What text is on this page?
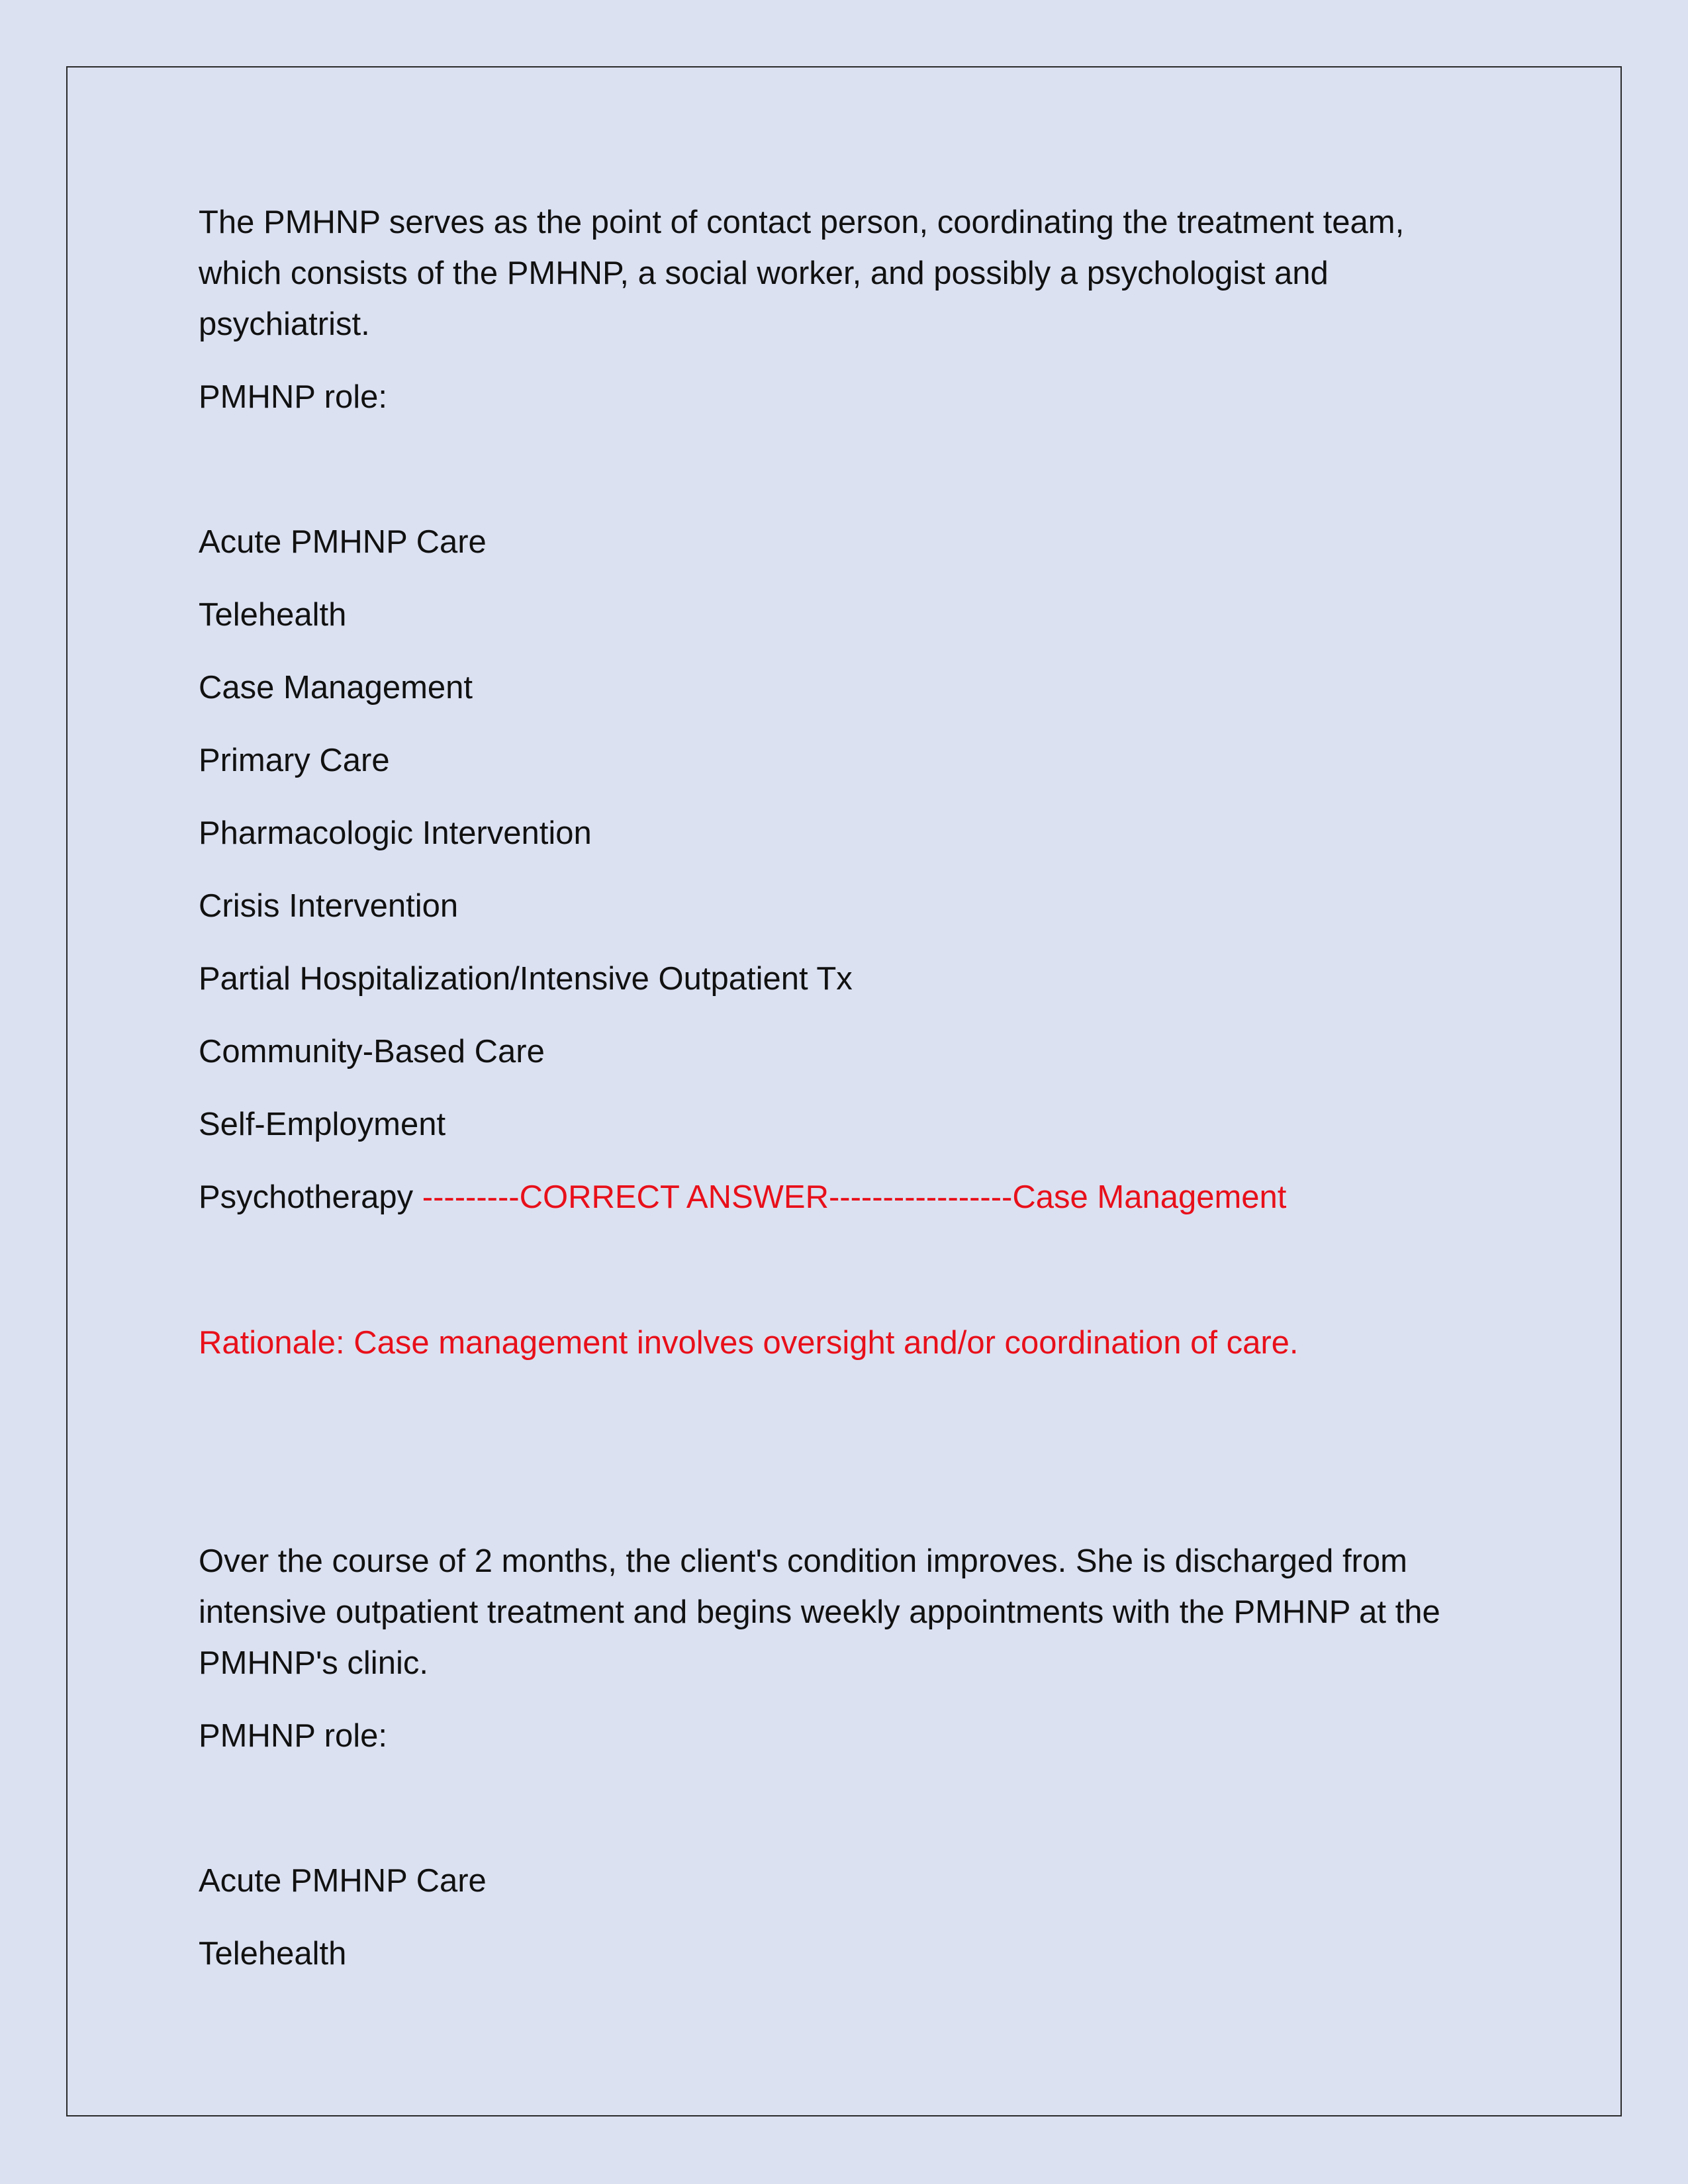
The PMHNP serves as the point of contact person, coordinating the treatment team, which consists of the PMHNP, a social worker, and possibly a psychologist and psychiatrist.

PMHNP role:

Acute PMHNP Care

Telehealth

Case Management

Primary Care

Pharmacologic Intervention

Crisis Intervention

Partial Hospitalization/Intensive Outpatient Tx

Community-Based Care

Self-Employment

Psychotherapy ---------CORRECT ANSWER-----------------Case Management

Rationale: Case management involves oversight and/or coordination of care.

Over the course of 2 months, the client's condition improves. She is discharged from intensive outpatient treatment and begins weekly appointments with the PMHNP at the PMHNP's clinic.

PMHNP role:

Acute PMHNP Care

Telehealth
